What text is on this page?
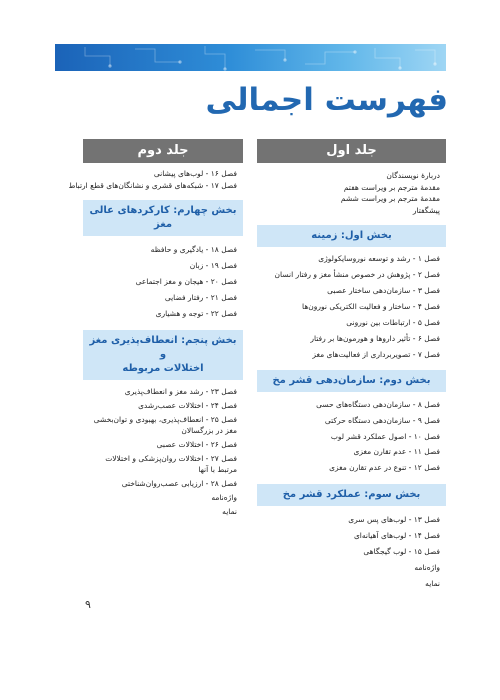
فهرست اجمالی
جلد اول
دربارهٔ نویسندگان
مقدمهٔ مترجم بر ویراست هفتم
مقدمهٔ مترجم بر ویراست ششم
پیشگفتار
بخش اول: زمینه
فصل ۱ - رشد و توسعه نوروسایکولوژی
فصل ۲ - پژوهش در خصوص منشأ مغز و رفتار انسان
فصل ۳ - سازمان‌دهی ساختار عصبی
فصل ۴ - ساختار و فعالیت الکتریکی نورون‌ها
فصل ۵ - ارتباطات بین نورونی
فصل ۶ - تأثیر داروها و هورمون‌ها بر رفتار
فصل ۷ - تصویربرداری از فعالیت‌های مغز
بخش دوم: سازمان‌دهی قشر مخ
فصل ۸ - سازمان‌دهی دستگاه‌های حسی
فصل ۹ - سازمان‌دهی دستگاه حرکتی
فصل ۱۰ - اصول عملکرد قشر لوب
فصل ۱۱ - عدم تقارن مغزی
فصل ۱۲ - تنوع در عدم تقارن مغزی
بخش سوم: عملکرد قشر مخ
فصل ۱۳ - لوب‌های پس سری
فصل ۱۴ - لوب‌های آهیانه‌ای
فصل ۱۵ - لوب گیجگاهی
واژه‌نامه
نمایه
جلد دوم
فصل ۱۶ - لوب‌های پیشانی
فصل ۱۷ - شبکه‌های قشری و نشانگان‌های قطع ارتباط
بخش چهارم: کارکردهای عالی مغز
فصل ۱۸ - یادگیری و حافظه
فصل ۱۹ - زبان
فصل ۲۰ - هیجان و مغز اجتماعی
فصل ۲۱ - رفتار فضایی
فصل ۲۲ - توجه و هشیاری
بخش پنجم: انعطاف‌پذیری مغز و
اختلالات مربوطه
فصل ۲۳ - رشد مغز و انعطاف‌پذیری
فصل ۲۴ - اختلالات عصب‌رشدی
فصل ۲۵ - انعطاف‌پذیری، بهبودی و توان‌بخشی مغز در بزرگسالان
فصل ۲۶ - اختلالات عصبی
فصل ۲۷ - اختلالات روان‌پزشکی و اختلالات مرتبط با آنها
فصل ۲۸ - ارزیابی عصب‌روان‌شناختی
واژه‌نامه
نمایه
۹
